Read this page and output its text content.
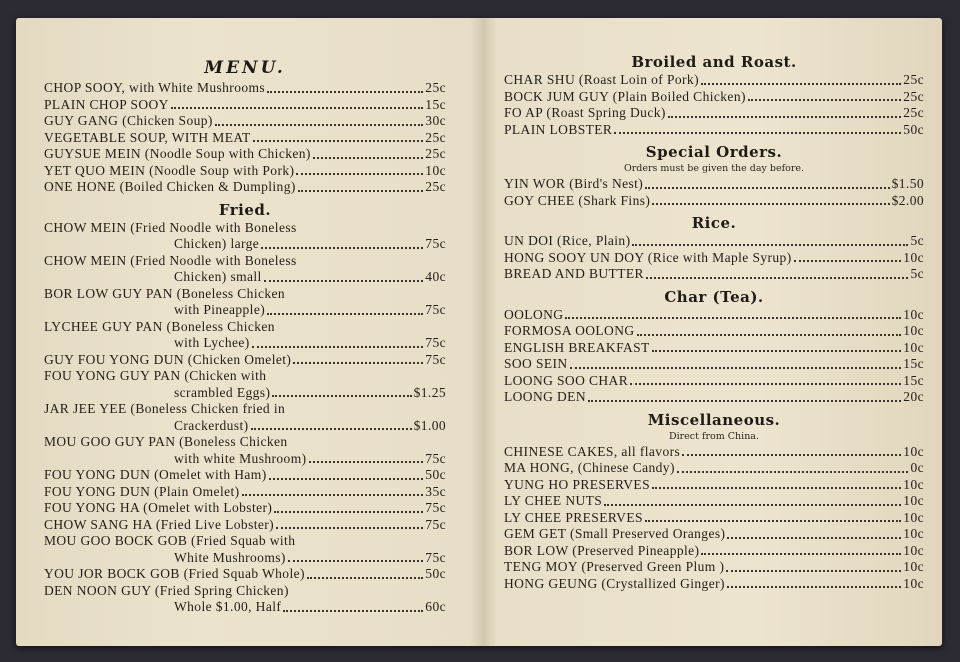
MENU.
CHOP SOOY, with White Mushrooms	25c
PLAIN CHOP SOOY	15c
GUY GANG (Chicken Soup)	30c
VEGETABLE SOUP, WITH MEAT	25c
GUYSUE MEIN (Noodle Soup with Chicken)	25c
YET QUO MEIN (Noodle Soup with Pork)	10c
ONE HONE (Boiled Chicken & Dumpling)	25c
Fried.
CHOW MEIN (Fried Noodle with Boneless
Chicken) large	75c
CHOW MEIN (Fried Noodle with Boneless
Chicken) small	40c
BOR LOW GUY PAN (Boneless Chicken
with Pineapple)	75c
LYCHEE GUY PAN (Boneless Chicken
with Lychee)	75c
GUY FOU YONG DUN (Chicken Omelet)	75c
FOU YONG GUY PAN (Chicken with
scrambled Eggs)	$1.25
JAR JEE YEE (Boneless Chicken fried in
Crackerdust)	$1.00
MOU GOO GUY PAN (Boneless Chicken
with white Mushroom)	75c
FOU YONG DUN (Omelet with Ham)	50c
FOU YONG DUN (Plain Omelet)	35c
FOU YONG HA (Omelet with Lobster)	75c
CHOW SANG HA (Fried Live Lobster)	75c
MOU GOO BOCK GOB (Fried Squab with
White Mushrooms)	75c
YOU JOR BOCK GOB (Fried Squab Whole)	50c
DEN NOON GUY (Fried Spring Chicken)
Whole $1.00, Half	60c
Broiled and Roast.
CHAR SHU (Roast Loin of Pork)	25c
BOCK JUM GUY (Plain Boiled Chicken)	25c
FO AP (Roast Spring Duck)	25c
PLAIN LOBSTER	50c
Special Orders.
Orders must be given the day before.
YIN WOR (Bird's Nest)	$1.50
GOY CHEE (Shark Fins)	$2.00
Rice.
UN DOI (Rice, Plain)	5c
HONG SOOY UN DOY (Rice with Maple Syrup)	10c
BREAD AND BUTTER	5c
Char (Tea).
OOLONG	10c
FORMOSA OOLONG	10c
ENGLISH BREAKFAST	10c
SOO SEIN	15c
LOONG SOO CHAR	15c
LOONG DEN	20c
Miscellaneous.
Direct from China.
CHINESE CAKES, all flavors	10c
MA HONG, (Chinese Candy)	0c
YUNG HO PRESERVES	10c
LY CHEE NUTS	10c
LY CHEE PRESERVES	10c
GEM GET (Small Preserved Oranges)	10c
BOR LOW (Preserved Pineapple)	10c
TENG MOY (Preserved Green Plum )	10c
HONG GEUNG (Crystallized Ginger)	10c
